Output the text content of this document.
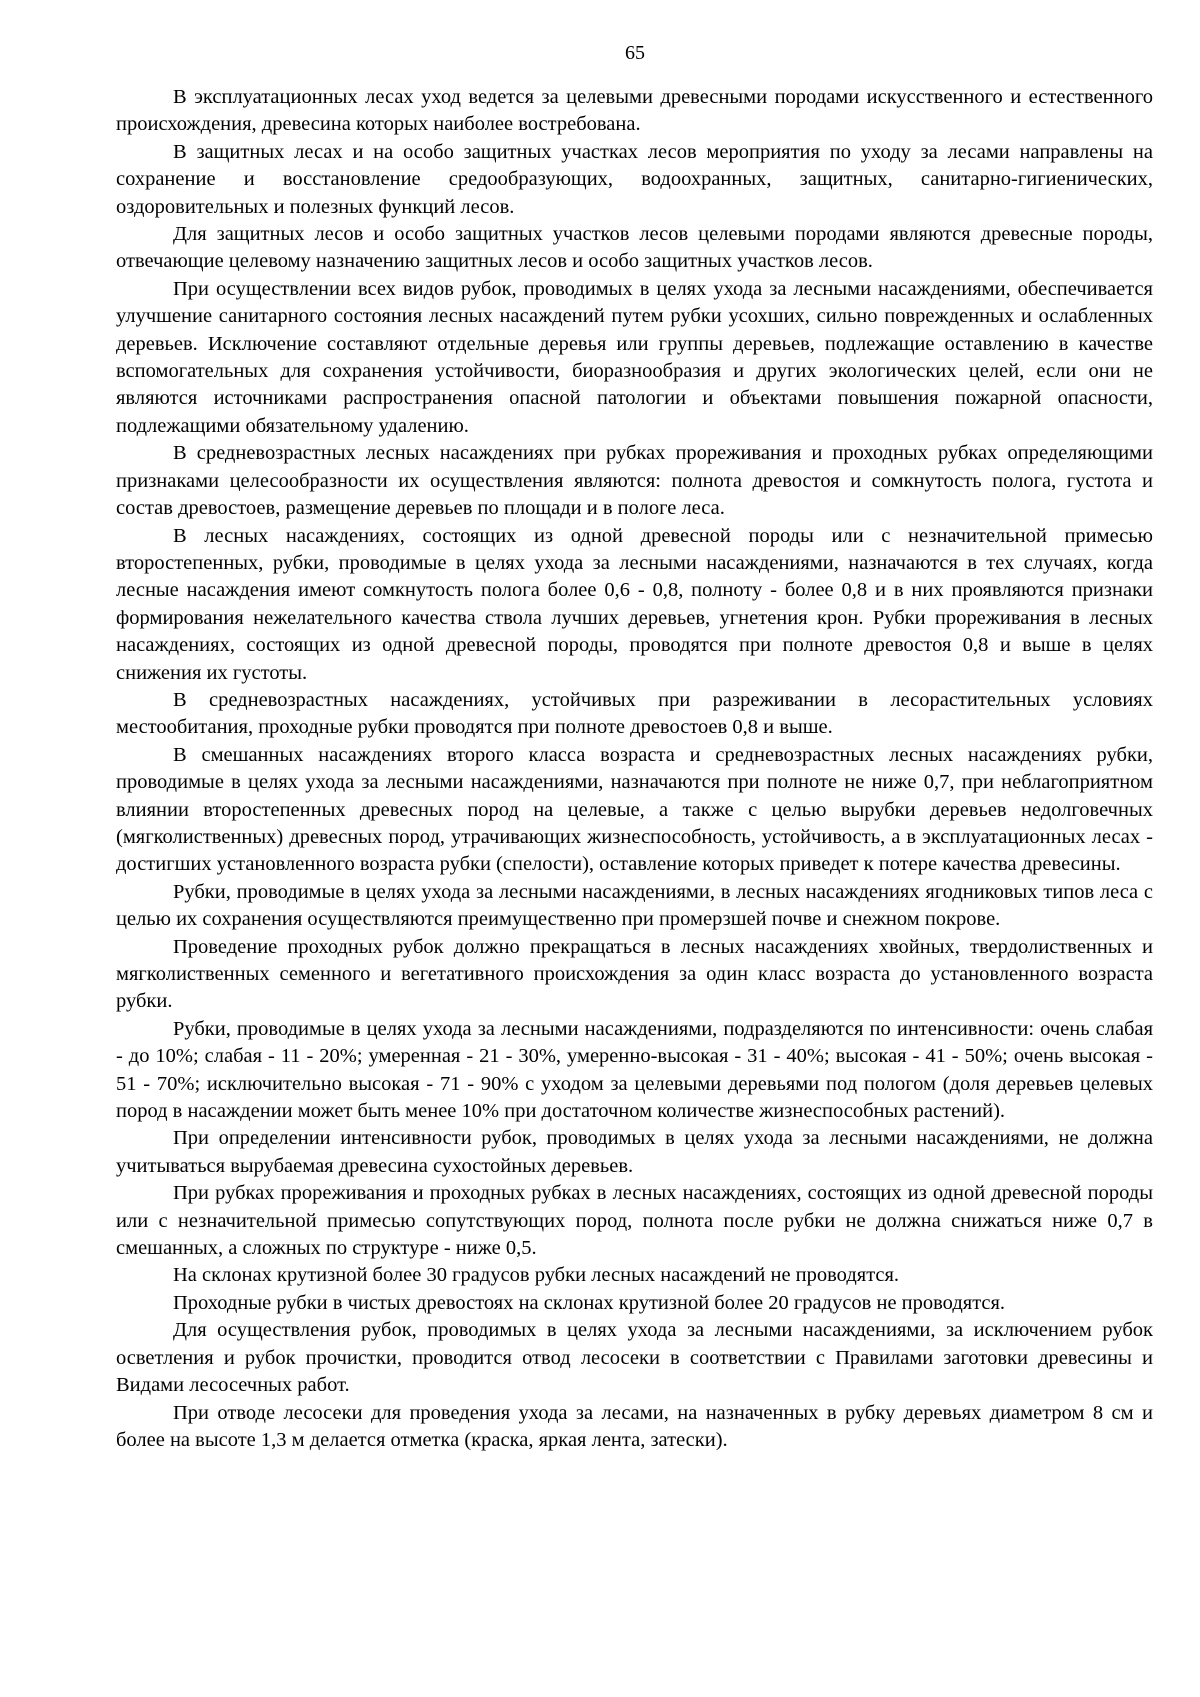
65

В эксплуатационных лесах уход ведется за целевыми древесными породами искусственного и естественного происхождения, древесина которых наиболее востребована.

В защитных лесах и на особо защитных участках лесов мероприятия по уходу за лесами направлены на сохранение и восстановление средообразующих, водоохранных, защитных, санитарно-гигиенических, оздоровительных и полезных функций лесов.

Для защитных лесов и особо защитных участков лесов целевыми породами являются древесные породы, отвечающие целевому назначению защитных лесов и особо защитных участков лесов.

При осуществлении всех видов рубок, проводимых в целях ухода за лесными насаждениями, обеспечивается улучшение санитарного состояния лесных насаждений путем рубки усохших, сильно поврежденных и ослабленных деревьев. Исключение составляют отдельные деревья или группы деревьев, подлежащие оставлению в качестве вспомогательных для сохранения устойчивости, биоразнообразия и других экологических целей, если они не являются источниками распространения опасной патологии и объектами повышения пожарной опасности, подлежащими обязательному удалению.

В средневозрастных лесных насаждениях при рубках прореживания и проходных рубках определяющими признаками целесообразности их осуществления являются: полнота древостоя и сомкнутость полога, густота и состав древостоев, размещение деревьев по площади и в пологе леса.

В лесных насаждениях, состоящих из одной древесной породы или с незначительной примесью второстепенных, рубки, проводимые в целях ухода за лесными насаждениями, назначаются в тех случаях, когда лесные насаждения имеют сомкнутость полога более 0,6 - 0,8, полноту - более 0,8 и в них проявляются признаки формирования нежелательного качества ствола лучших деревьев, угнетения крон. Рубки прореживания в лесных насаждениях, состоящих из одной древесной породы, проводятся при полноте древостоя 0,8 и выше в целях снижения их густоты.

В средневозрастных насаждениях, устойчивых при разреживании в лесорастительных условиях местообитания, проходные рубки проводятся при полноте древостоев 0,8 и выше.

В смешанных насаждениях второго класса возраста и средневозрастных лесных насаждениях рубки, проводимые в целях ухода за лесными насаждениями, назначаются при полноте не ниже 0,7, при неблагоприятном влиянии второстепенных древесных пород на целевые, а также с целью вырубки деревьев недолговечных (мягколиственных) древесных пород, утрачивающих жизнеспособность, устойчивость, а в эксплуатационных лесах - достигших установленного возраста рубки (спелости), оставление которых приведет к потере качества древесины.

Рубки, проводимые в целях ухода за лесными насаждениями, в лесных насаждениях ягодниковых типов леса с целью их сохранения осуществляются преимущественно при промерзшей почве и снежном покрове.

Проведение проходных рубок должно прекращаться в лесных насаждениях хвойных, твердолиственных и мягколиственных семенного и вегетативного происхождения за один класс возраста до установленного возраста рубки.

Рубки, проводимые в целях ухода за лесными насаждениями, подразделяются по интенсивности: очень слабая - до 10%; слабая - 11 - 20%; умеренная - 21 - 30%, умеренно-высокая - 31 - 40%; высокая - 41 - 50%; очень высокая - 51 - 70%; исключительно высокая - 71 - 90% с уходом за целевыми деревьями под пологом (доля деревьев целевых пород в насаждении может быть менее 10% при достаточном количестве жизнеспособных растений).

При определении интенсивности рубок, проводимых в целях ухода за лесными насаждениями, не должна учитываться вырубаемая древесина сухостойных деревьев.

При рубках прореживания и проходных рубках в лесных насаждениях, состоящих из одной древесной породы или с незначительной примесью сопутствующих пород, полнота после рубки не должна снижаться ниже 0,7 в смешанных, а сложных по структуре - ниже 0,5.

На склонах крутизной более 30 градусов рубки лесных насаждений не проводятся.

Проходные рубки в чистых древостоях на склонах крутизной более 20 градусов не проводятся.

Для осуществления рубок, проводимых в целях ухода за лесными насаждениями, за исключением рубок осветления и рубок прочистки, проводится отвод лесосеки в соответствии с Правилами заготовки древесины и Видами лесосечных работ.

При отводе лесосеки для проведения ухода за лесами, на назначенных в рубку деревьях диаметром 8 см и более на высоте 1,3 м делается отметка (краска, яркая лента, затески).
